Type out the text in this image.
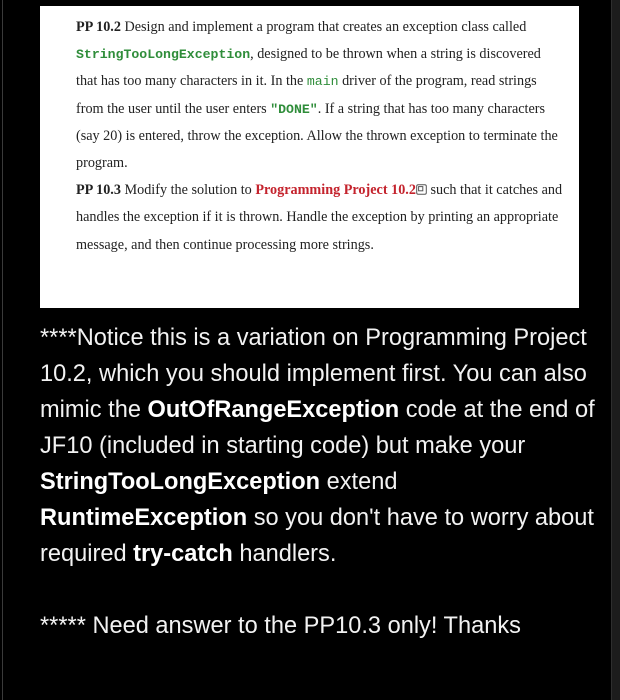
PP 10.2 Design and implement a program that creates an exception class called StringTooLongException, designed to be thrown when a string is discovered that has too many characters in it. In the main driver of the program, read strings from the user until the user enters "DONE". If a string that has too many characters (say 20) is entered, throw the exception. Allow the thrown exception to terminate the program.

PP 10.3 Modify the solution to Programming Project 10.2 such that it catches and handles the exception if it is thrown. Handle the exception by printing an appropriate message, and then continue processing more strings.

****Notice this is a variation on Programming Project 10.2, which you should implement first. You can also mimic the OutOfRangeException code at the end of JF10 (included in starting code) but make your StringTooLongException extend RuntimeException so you don't have to worry about required try-catch handlers.

***** Need answer to the PP10.3 only! Thanks
